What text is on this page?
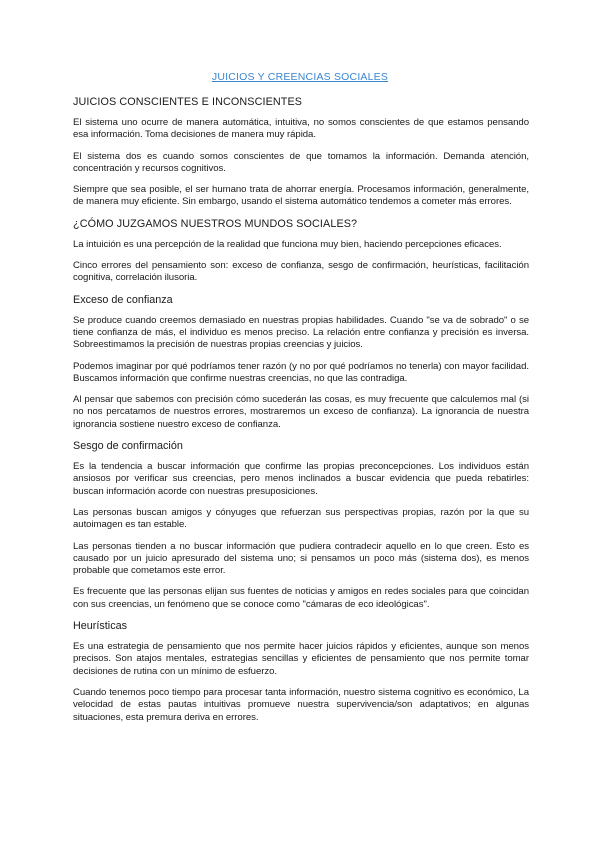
JUICIOS Y CREENCIAS SOCIALES
JUICIOS CONSCIENTES E INCONSCIENTES

El sistema uno ocurre de manera automática, intuitiva, no somos conscientes de que estamos pensando esa información. Toma decisiones de manera muy rápida.

El sistema dos es cuando somos conscientes de que tomamos la información. Demanda atención, concentración y recursos cognitivos.

Siempre que sea posible, el ser humano trata de ahorrar energía. Procesamos información, generalmente, de manera muy eficiente. Sin embargo, usando el sistema automático tendemos a cometer más errores.

¿CÓMO JUZGAMOS NUESTROS MUNDOS SOCIALES?

La intuición es una percepción de la realidad que funciona muy bien, haciendo percepciones eficaces.

Cinco errores del pensamiento son: exceso de confianza, sesgo de confirmación, heurísticas, facilitación cognitiva, correlación ilusoria.

Exceso de confianza

Se produce cuando creemos demasiado en nuestras propias habilidades. Cuando "se va de sobrado" o se tiene confianza de más, el individuo es menos preciso. La relación entre confianza y precisión es inversa. Sobreestimamos la precisión de nuestras propias creencias y juicios.

Podemos imaginar por qué podríamos tener razón (y no por qué podríamos no tenerla) con mayor facilidad. Buscamos información que confirme nuestras creencias, no que las contradiga.

Al pensar que sabemos con precisión cómo sucederán las cosas, es muy frecuente que calculemos mal (si no nos percatamos de nuestros errores, mostraremos un exceso de confianza). La ignorancia de nuestra ignorancia sostiene nuestro exceso de confianza.

Sesgo de confirmación

Es la tendencia a buscar información que confirme las propias preconcepciones. Los individuos están ansiosos por verificar sus creencias, pero menos inclinados a buscar evidencia que pueda rebatirles: buscan información acorde con nuestras presuposiciones.

Las personas buscan amigos y cónyuges que refuerzan sus perspectivas propias, razón por la que su autoimagen es tan estable.

Las personas tienden a no buscar información que pudiera contradecir aquello en lo que creen. Esto es causado por un juicio apresurado del sistema uno; si pensamos un poco más (sistema dos), es menos probable que cometamos este error.

Es frecuente que las personas elijan sus fuentes de noticias y amigos en redes sociales para que coincidan con sus creencias, un fenómeno que se conoce como "cámaras de eco ideológicas".

Heurísticas

Es una estrategia de pensamiento que nos permite hacer juicios rápidos y eficientes, aunque son menos precisos. Son atajos mentales, estrategias sencillas y eficientes de pensamiento que nos permite tomar decisiones de rutina con un mínimo de esfuerzo.

Cuando tenemos poco tiempo para procesar tanta información, nuestro sistema cognitivo es económico, La velocidad de estas pautas intuitivas promueve nuestra supervivencia/son adaptativos; en algunas situaciones, esta premura deriva en errores.
